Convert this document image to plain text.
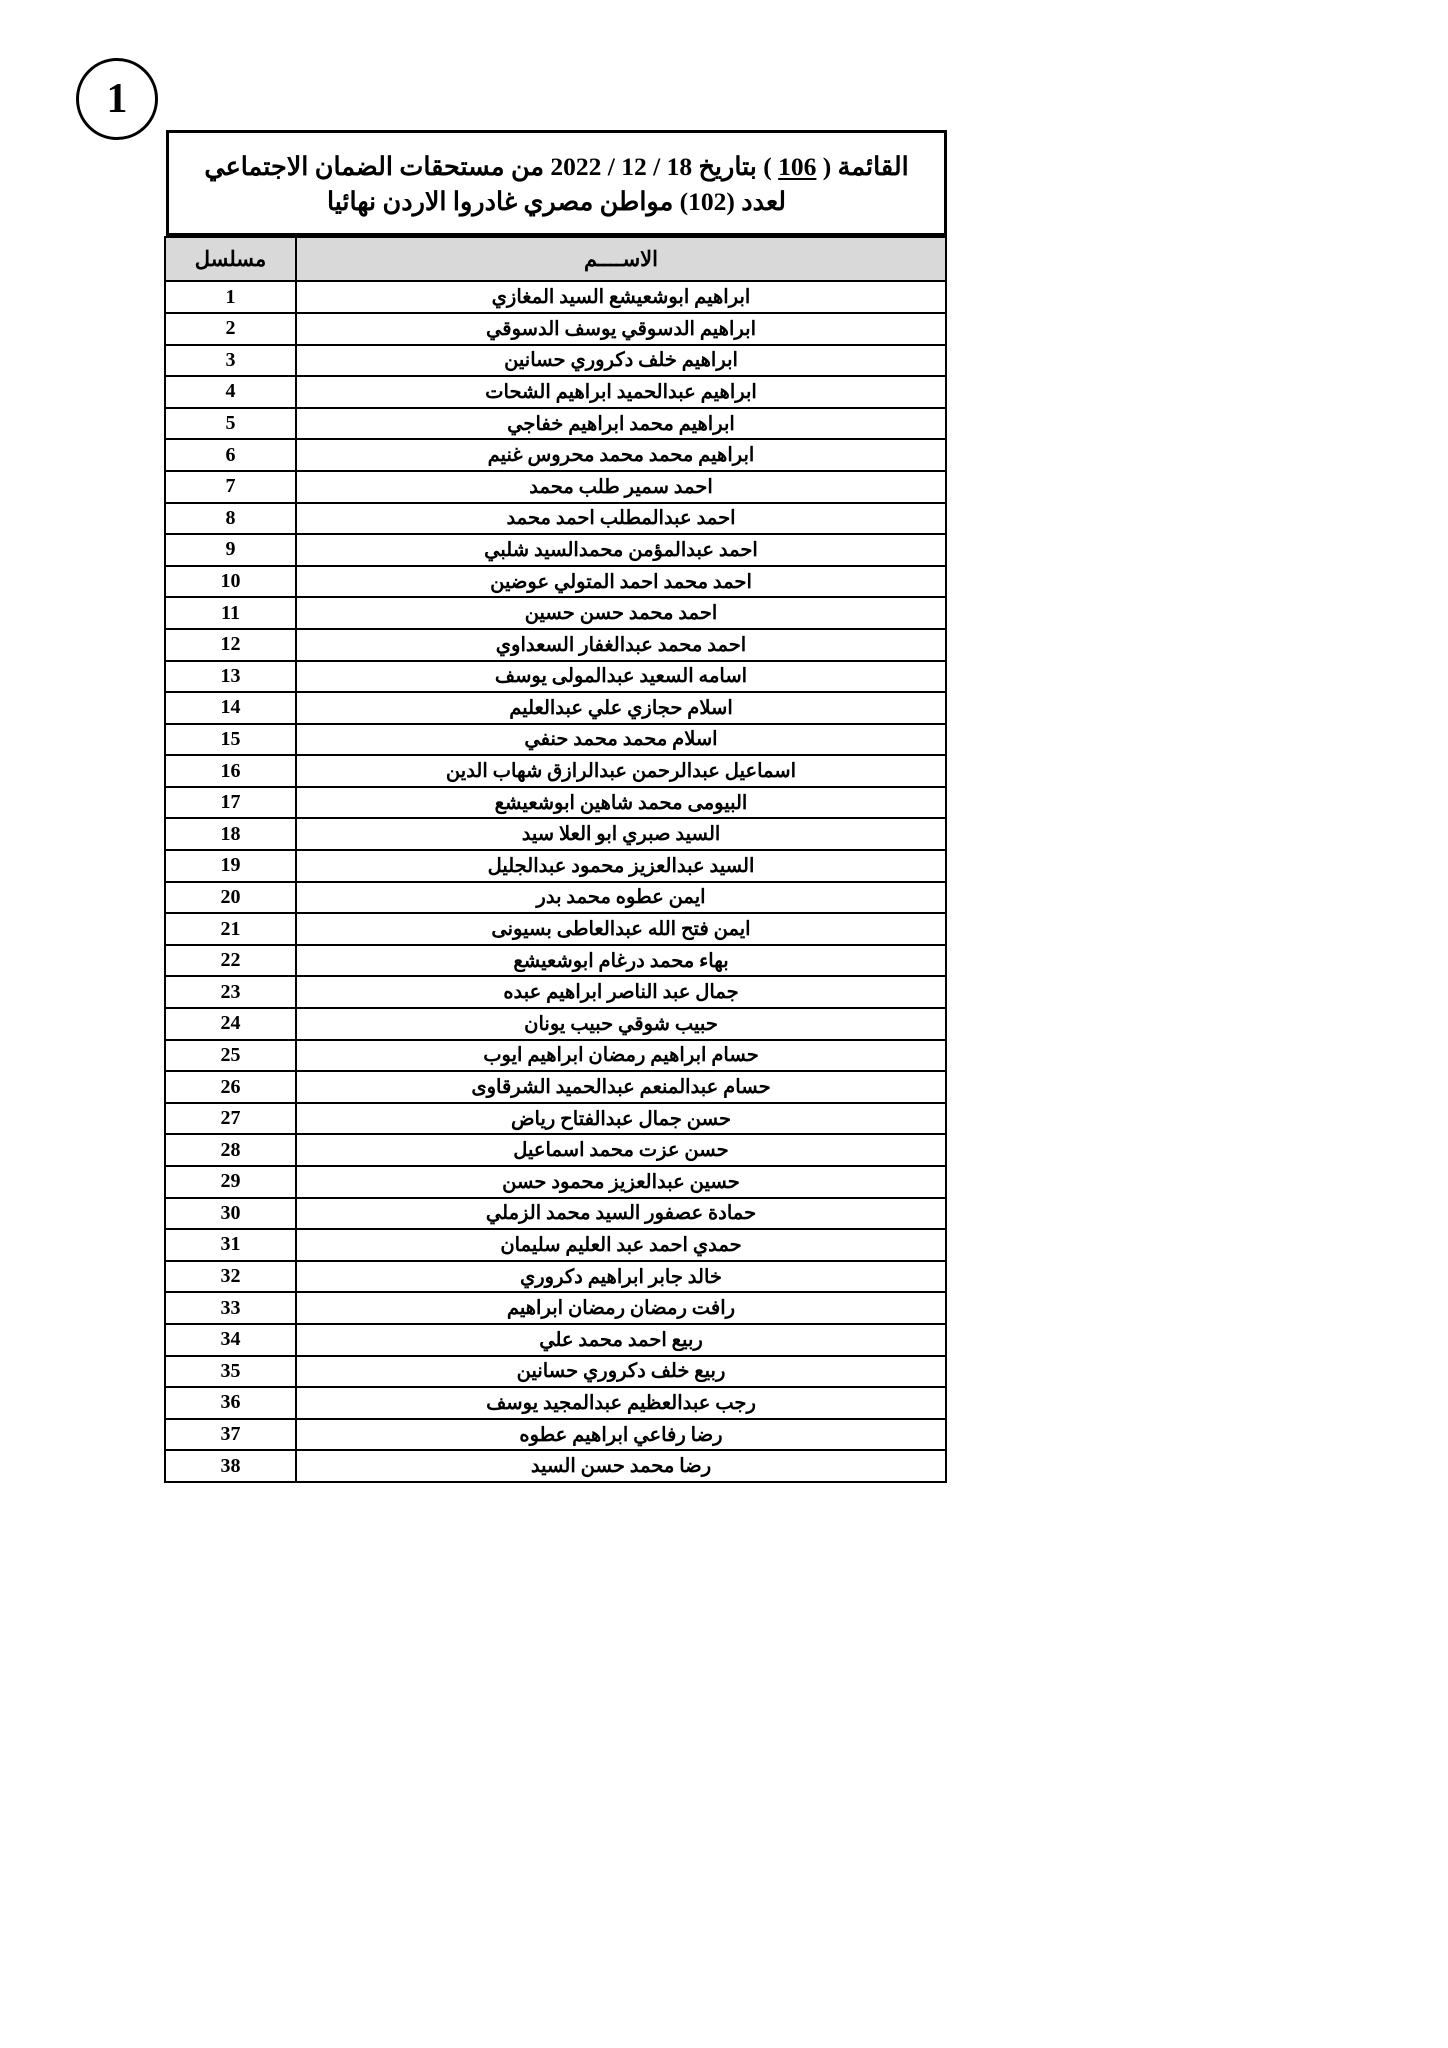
1
القائمة ( 106 ) بتاريخ 18 / 12 / 2022 من مستحقات الضمان الاجتماعي
لعدد (102) مواطن مصري غادروا الاردن نهائيا
الاســــم	مسلسل
ابراهيم ابوشعيشع السيد المغازي	1
ابراهيم الدسوقي يوسف الدسوقي	2
ابراهيم خلف دكروري حسانين	3
ابراهيم عبدالحميد ابراهيم الشحات	4
ابراهيم محمد ابراهيم خفاجي	5
ابراهيم محمد محمد محروس غنيم	6
احمد سمير طلب محمد	7
احمد عبدالمطلب احمد محمد	8
احمد عبدالمؤمن محمدالسيد شلبي	9
احمد محمد احمد المتولي عوضين	10
احمد محمد حسن حسين	11
احمد محمد عبدالغفار السعداوي	12
اسامه السعيد عبدالمولى يوسف	13
اسلام حجازي علي عبدالعليم	14
اسلام محمد محمد حنفي	15
اسماعيل عبدالرحمن عبدالرازق شهاب الدين	16
البيومى محمد شاهين ابوشعيشع	17
السيد صبري ابو العلا سيد	18
السيد عبدالعزيز محمود عبدالجليل	19
ايمن عطوه محمد بدر	20
ايمن فتح الله عبدالعاطى بسيونى	21
بهاء محمد درغام ابوشعيشع	22
جمال عبد الناصر ابراهيم عبده	23
حبيب شوقي حبيب يونان	24
حسام ابراهيم رمضان ابراهيم ايوب	25
حسام عبدالمنعم عبدالحميد الشرقاوى	26
حسن جمال عبدالفتاح رياض	27
حسن عزت محمد اسماعيل	28
حسين عبدالعزيز محمود حسن	29
حمادة عصفور السيد محمد الزملي	30
حمدي احمد عبد العليم سليمان	31
خالد جابر ابراهيم دكروري	32
رافت رمضان رمضان ابراهيم	33
ربيع احمد محمد علي	34
ربيع خلف دكروري حسانين	35
رجب عبدالعظيم عبدالمجيد يوسف	36
رضا رفاعي ابراهيم عطوه	37
رضا محمد حسن السيد	38
